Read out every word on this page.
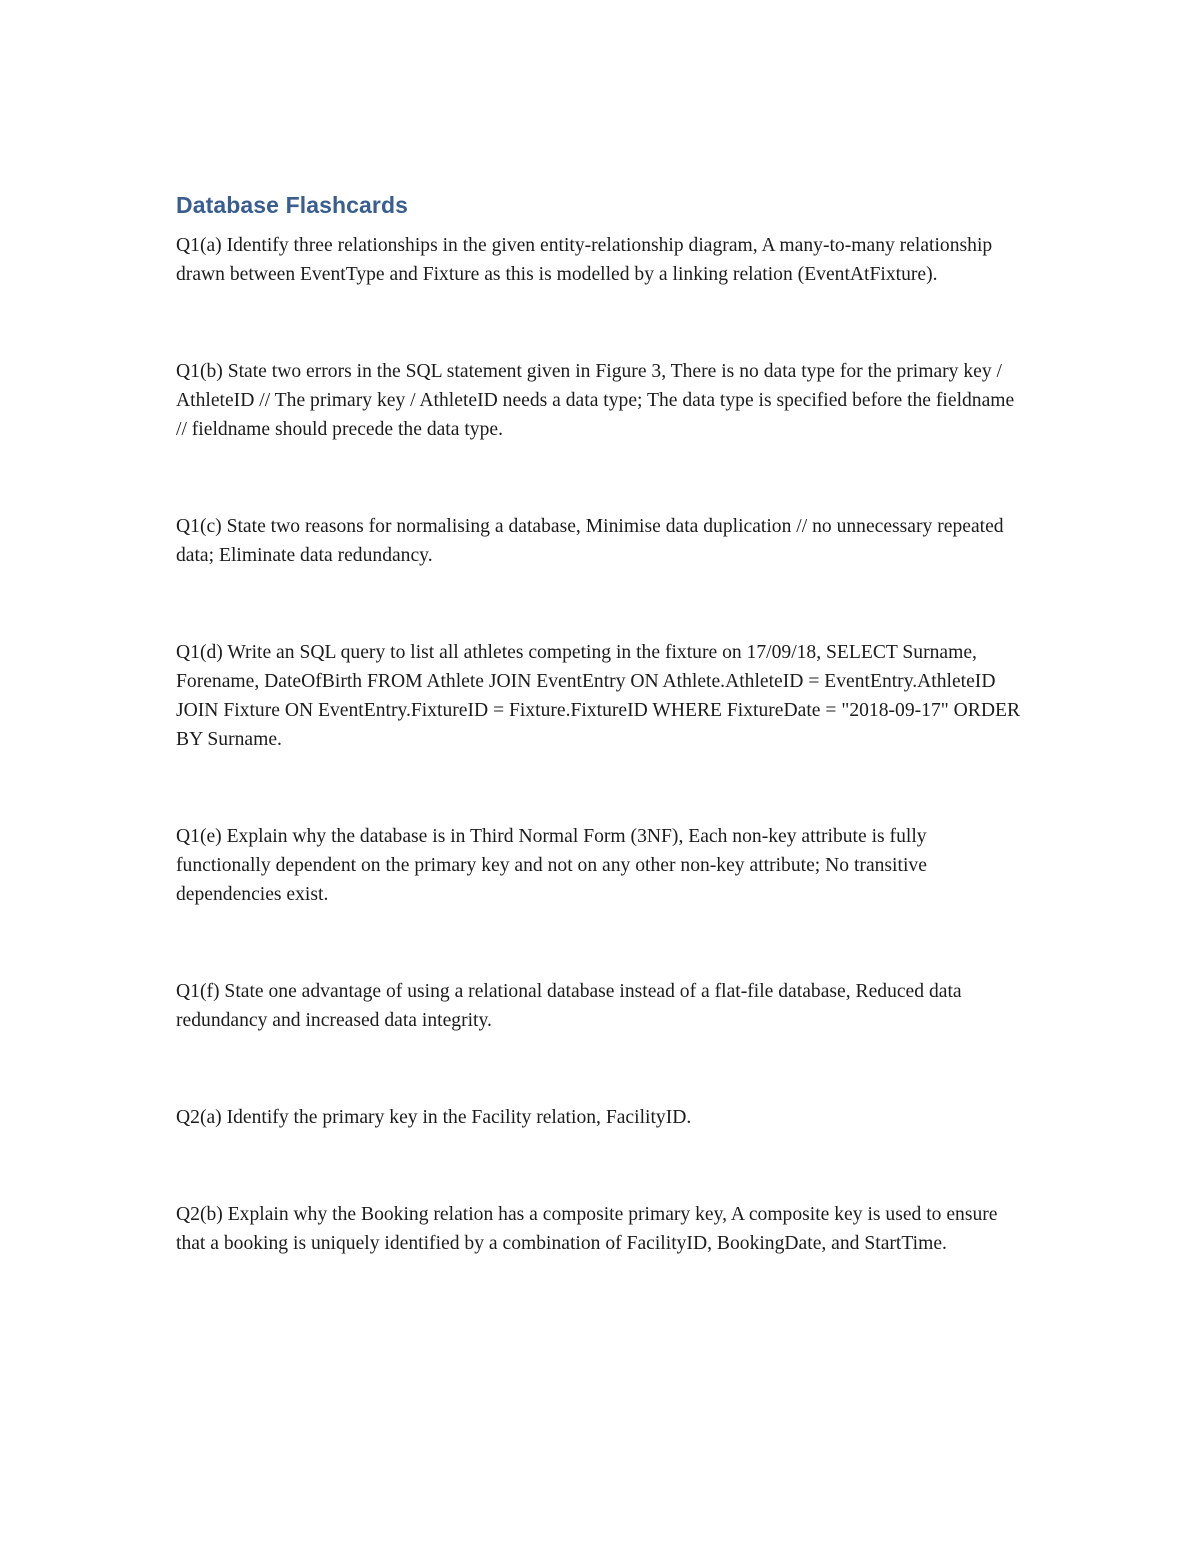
Database Flashcards

Q1(a) Identify three relationships in the given entity-relationship diagram, A many-to-many relationship drawn between EventType and Fixture as this is modelled by a linking relation (EventAtFixture).

Q1(b) State two errors in the SQL statement given in Figure 3, There is no data type for the primary key / AthleteID // The primary key / AthleteID needs a data type; The data type is specified before the fieldname // fieldname should precede the data type.

Q1(c) State two reasons for normalising a database, Minimise data duplication // no unnecessary repeated data; Eliminate data redundancy.

Q1(d) Write an SQL query to list all athletes competing in the fixture on 17/09/18, SELECT Surname, Forename, DateOfBirth FROM Athlete JOIN EventEntry ON Athlete.AthleteID = EventEntry.AthleteID JOIN Fixture ON EventEntry.FixtureID = Fixture.FixtureID WHERE FixtureDate = "2018-09-17" ORDER BY Surname.

Q1(e) Explain why the database is in Third Normal Form (3NF), Each non-key attribute is fully functionally dependent on the primary key and not on any other non-key attribute; No transitive dependencies exist.

Q1(f) State one advantage of using a relational database instead of a flat-file database, Reduced data redundancy and increased data integrity.

Q2(a) Identify the primary key in the Facility relation, FacilityID.

Q2(b) Explain why the Booking relation has a composite primary key, A composite key is used to ensure that a booking is uniquely identified by a combination of FacilityID, BookingDate, and StartTime.
